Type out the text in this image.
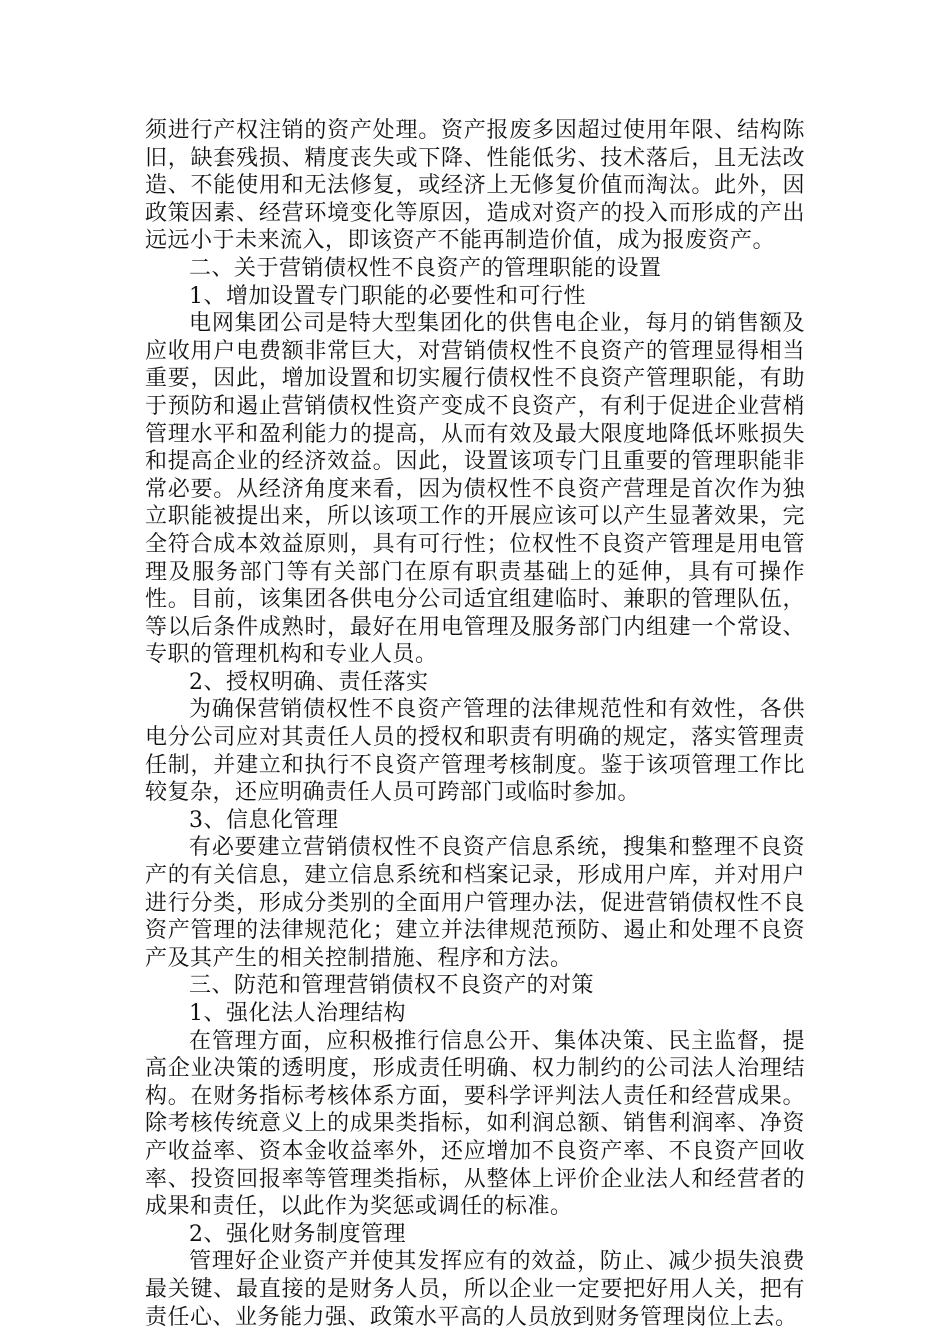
须进行产权注销的资产处理。资产报废多因超过使用年限、结构陈旧，缺套残损、精度丧失或下降、性能低劣、技术落后，且无法改造、不能使用和无法修复，或经济上无修复价值而淘汰。此外，因政策因素、经营环境变化等原因，造成对资产的投入而形成的产出远远小于未来流入，即该资产不能再制造价值，成为报废资产。

二、关于营销债权性不良资产的管理职能的设置

1、增加设置专门职能的必要性和可行性

电网集团公司是特大型集团化的供售电企业，每月的销售额及应收用户电费额非常巨大，对营销债权性不良资产的管理显得相当重要，因此，增加设置和切实履行债权性不良资产管理职能，有助于预防和遏止营销债权性资产变成不良资产，有利于促进企业营梢管理水平和盈利能力的提高，从而有效及最大限度地降低坏账损失和提高企业的经济效益。因此，设置该项专门且重要的管理职能非常必要。从经济角度来看，因为债权性不良资产营理是首次作为独立职能被提出来，所以该项工作的开展应该可以产生显著效果，完全符合成本效益原则，具有可行性；位权性不良资产管理是用电管理及服务部门等有关部门在原有职责基础上的延伸，具有可操作性。目前，该集团各供电分公司适宜组建临时、兼职的管理队伍，等以后条件成熟时，最好在用电管理及服务部门内组建一个常设、专职的管理机构和专业人员。

2、授权明确、责任落实

为确保营销债权性不良资产管理的法律规范性和有效性，各供电分公司应对其责任人员的授权和职责有明确的规定，落实管理责任制，并建立和执行不良资产管理考核制度。鉴于该项管理工作比较复杂，还应明确责任人员可跨部门或临时参加。

3、信息化管理

有必要建立营销债权性不良资产信息系统，搜集和整理不良资产的有关信息，建立信息系统和档案记录，形成用户库，并对用户进行分类，形成分类别的全面用户管理办法，促进营销债权性不良资产管理的法律规范化；建立并法律规范预防、遏止和处理不良资产及其产生的相关控制措施、程序和方法。

三、防范和管理营销债权不良资产的对策

1、强化法人治理结构

在管理方面，应积极推行信息公开、集体决策、民主监督，提高企业决策的透明度，形成责任明确、权力制约的公司法人治理结构。在财务指标考核体系方面，要科学评判法人责任和经营成果。除考核传统意义上的成果类指标，如利润总额、销售利润率、净资产收益率、资本金收益率外，还应增加不良资产率、不良资产回收率、投资回报率等管理类指标，从整体上评价企业法人和经营者的成果和责任，以此作为奖惩或调任的标准。

2、强化财务制度管理

管理好企业资产并使其发挥应有的效益，防止、减少损失浪费最关键、最直接的是财务人员，所以企业一定要把好用人关，把有责任心、业务能力强、政策水平高的人员放到财务管理岗位上去。
